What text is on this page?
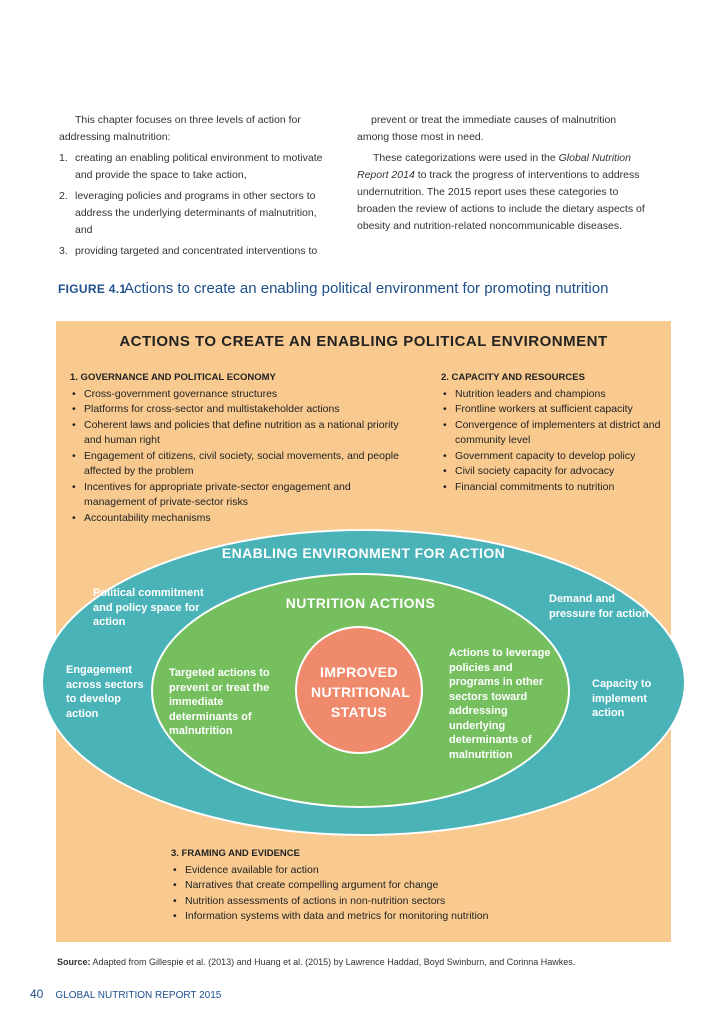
This chapter focuses on three levels of action for addressing malnutrition:

1. creating an enabling political environment to motivate and provide the space to take action,
2. leveraging policies and programs in other sectors to address the underlying determinants of malnutrition, and
3. providing targeted and concentrated interventions to

prevent or treat the immediate causes of malnutrition among those most in need.

These categorizations were used in the Global Nutrition Report 2014 to track the progress of interventions to address undernutrition. The 2015 report uses these categories to broaden the review of actions to include the dietary aspects of obesity and nutrition-related noncommunicable diseases.

FIGURE 4.1
Actions to create an enabling political environment for promoting nutrition
ACTIONS TO CREATE AN ENABLING POLITICAL ENVIRONMENT
1. GOVERNANCE AND POLITICAL ECONOMY
• Cross-government governance structures
• Platforms for cross-sector and multistakeholder actions
• Coherent laws and policies that define nutrition as a national priority and human right
• Engagement of citizens, civil society, social movements, and people affected by the problem
• Incentives for appropriate private-sector engagement and management of private-sector risks
• Accountability mechanisms
2. CAPACITY AND RESOURCES
• Nutrition leaders and champions
• Frontline workers at sufficient capacity
• Convergence of implementers at district and community level
• Government capacity to develop policy
• Civil society capacity for advocacy
• Financial commitments to nutrition
ENABLING ENVIRONMENT FOR ACTION
Political commitment and policy space for action
Demand and pressure for action
Engagement across sectors to develop action
Capacity to implement action
NUTRITION ACTIONS
Targeted actions to prevent or treat the immediate determinants of malnutrition
Actions to leverage policies and programs in other sectors toward addressing underlying determinants of malnutrition
IMPROVED NUTRITIONAL STATUS
3. FRAMING AND EVIDENCE
• Evidence available for action
• Narratives that create compelling argument for change
• Nutrition assessments of actions in non-nutrition sectors
• Information systems with data and metrics for monitoring nutrition
Source: Adapted from Gillespie et al. (2013) and Huang et al. (2015) by Lawrence Haddad, Boyd Swinburn, and Corinna Hawkes.
40 GLOBAL NUTRITION REPORT 2015
